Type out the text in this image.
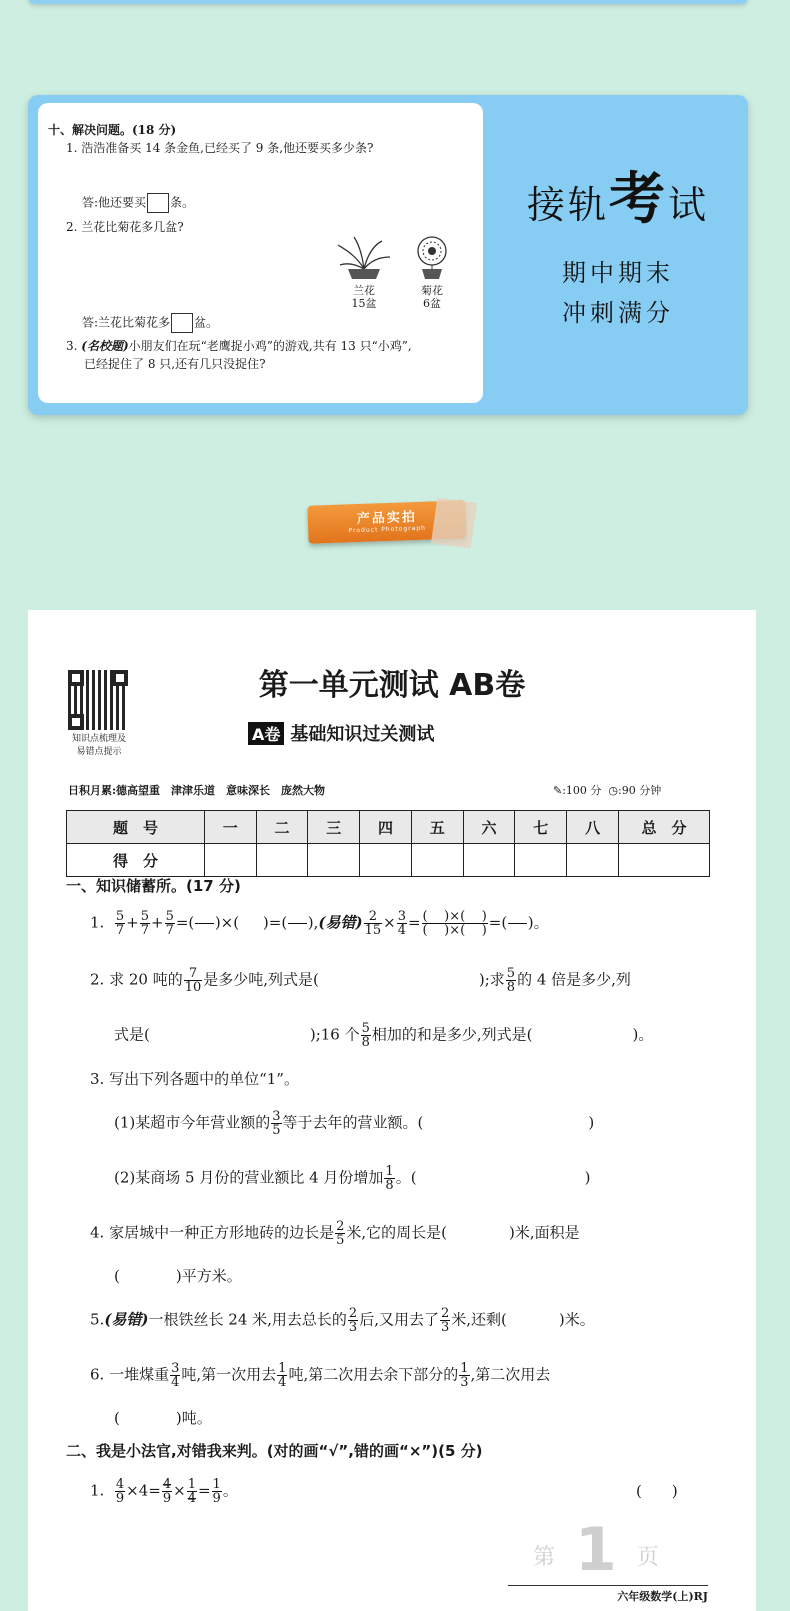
十、解决问题。(18 分)
1. 浩浩准备买 14 条金鱼,已经买了 9 条,他还要买多少条?
答:他还要买 条。
2. 兰花比菊花多几盆?
兰花
15盆
菊花
6盆
答:兰花比菊花多 盆。
3. (名校题)小朋友们在玩“老鹰捉小鸡”的游戏,共有 13 只“小鸡”,
已经捉住了 8 只,还有几只没捉住?
接轨考试
期中期末
冲刺满分
产品实拍
Product Photograph
知识点梳理及
易错点提示
第一单元测试 AB卷
A卷 基础知识过关测试
日积月累:德高望重　津津乐道　意味深长　庞然大物	✎:100 分 ◷:90 分钟
题　号	一	二	三	四	五	六	七	八	总　分
得　分									
一、知识储蓄所。(17 分)
1. $\frac{5}{7} + \frac{5}{7} + \frac{5}{7}$ =(

)×(     )=(

),(易错) $\frac{2}{15} \times \frac{3}{4} = \frac{( )\times( )}{( )\times( )}$ =(

)。
2. 求 20 吨的 $\frac{7}{10}$ 是多少吨,列式是(	);求 $\frac{5}{8}$ 的 4 倍是多少,列
式是(	);16 个 $\frac{5}{8}$ 相加的和是多少,列式是(	)。
3. 写出下列各题中的单位“1”。
(1)某超市今年营业额的 $\frac{3}{5}$ 等于去年的营业额。(	)
(2)某商场 5 月份的营业额比 4 月份增加 $\frac{1}{8}$ 。(	)
4. 家居城中一种正方形地砖的边长是 $\frac{2}{5}$ 米,它的周长是(	)米,面积是
(	)平方米。
5.(易错)一根铁丝长 24 米,用去总长的 $\frac{2}{3}$ 后,又用去了 $\frac{2}{3}$ 米,还剩(	)米。
6. 一堆煤重 $\frac{3}{4}$ 吨,第一次用去 $\frac{1}{4}$ 吨,第二次用去余下部分的 $\frac{1}{3}$ ,第二次用去
(	)吨。
二、我是小法官,对错我来判。(对的画“√”,错的画“×”)(5 分)
1. $\frac{4}{9} \times 4= \frac{4}{9} \times \frac{1}{4} = \frac{1}{9}$ 。	(　　)
第 1 页
六年级数学(上)RJ
